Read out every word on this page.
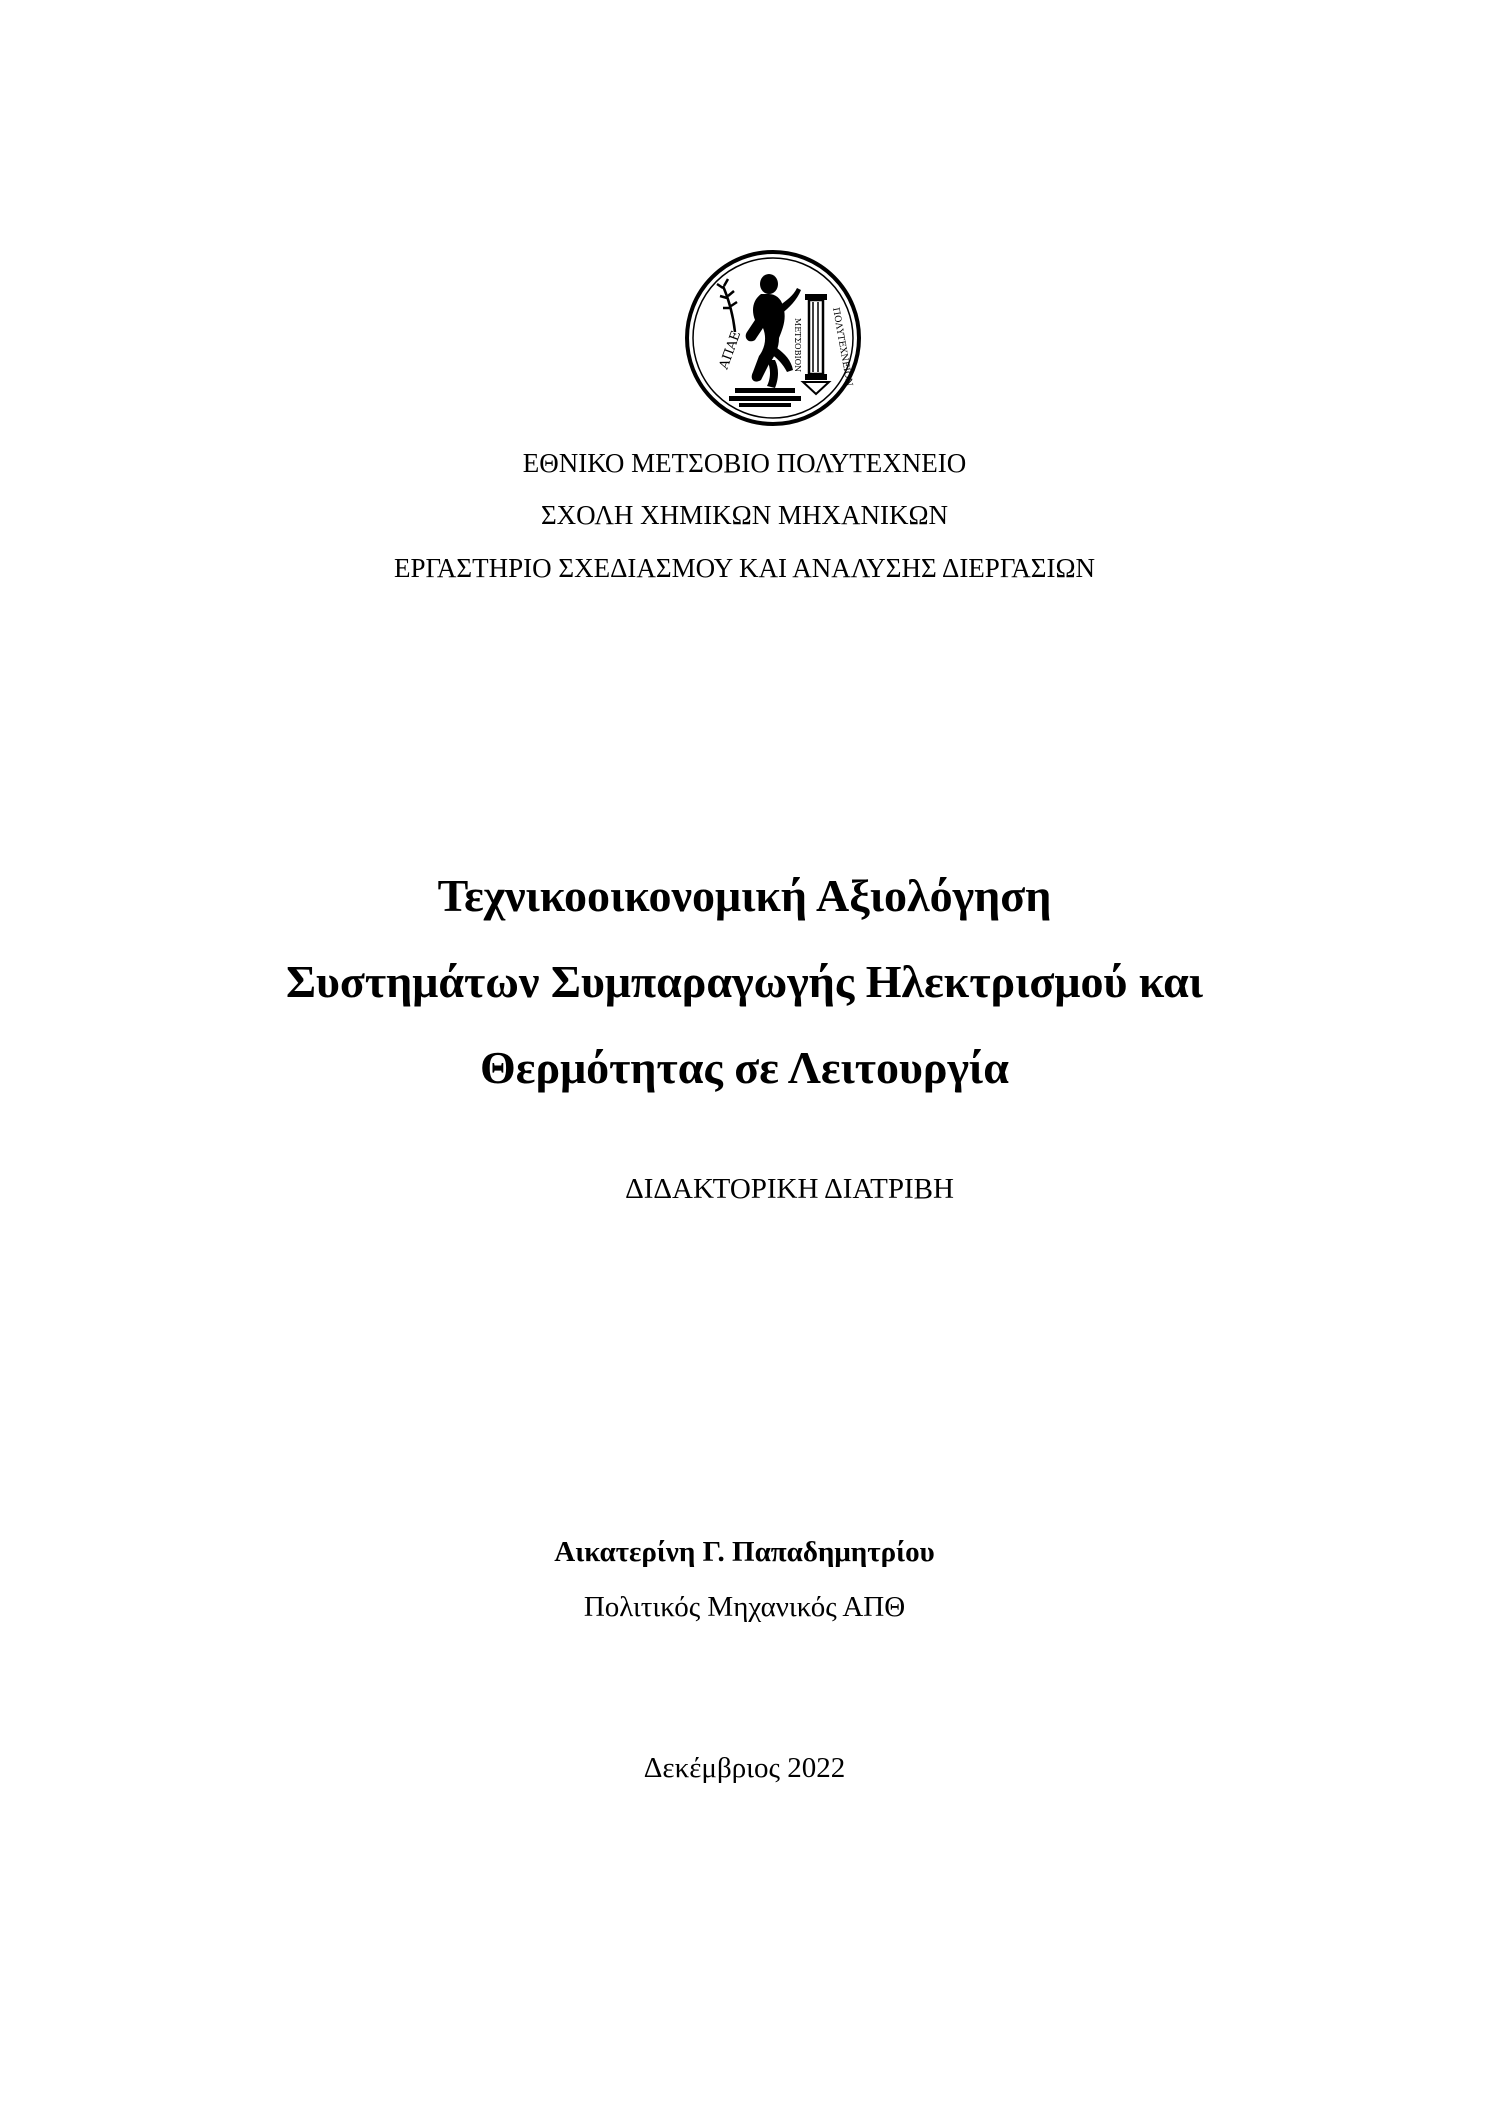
ΑΠΑΕ	ΠΟΛΥΤΕΧΝΕΙΟΝ
ΜΕΤΣΟΒΙΟΝ
ΕΘΝΙΚΟ ΜΕΤΣΟΒΙΟ ΠΟΛΥΤΕΧΝΕΙΟ
ΣΧΟΛΗ ΧΗΜΙΚΩΝ ΜΗΧΑΝΙΚΩΝ
ΕΡΓΑΣΤΗΡΙΟ ΣΧΕΔΙΑΣΜΟΥ ΚΑΙ ΑΝΑΛΥΣΗΣ ΔΙΕΡΓΑΣΙΩΝ
Τεχνικοοικονομική Αξιολόγηση
Συστημάτων Συμπαραγωγής Ηλεκτρισμού και
Θερμότητας σε Λειτουργία
ΔΙΔΑΚΤΟΡΙΚΗ ΔΙΑΤΡΙΒΗ
Αικατερίνη Γ. Παπαδημητρίου
Πολιτικός Μηχανικός ΑΠΘ
Δεκέμβριος 2022
